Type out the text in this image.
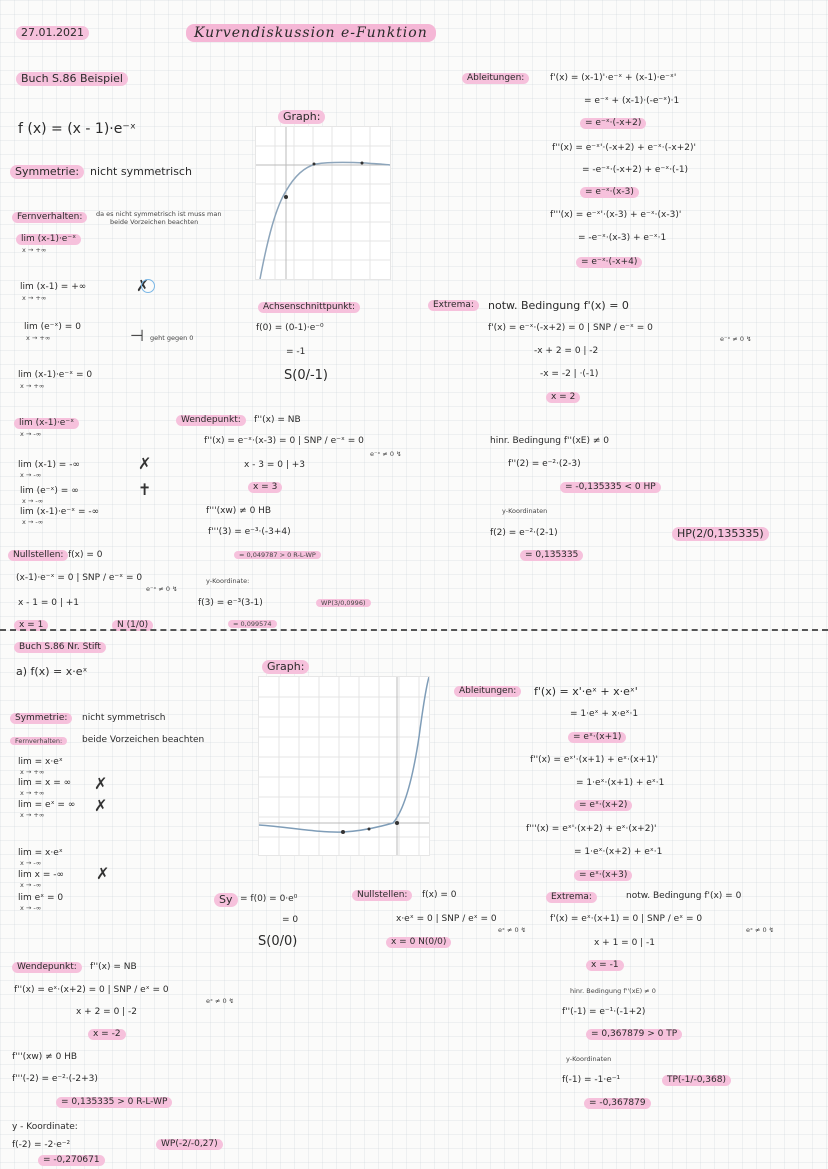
27.01.2021	Kurvendiskussion e-Funktion
Buch S.86 Beispiel
f (x) = (x - 1)·e⁻ˣ
Symmetrie: nicht symmetrisch
Fernverhalten:	da es nicht symmetrisch ist muss man
beide Vorzeichen beachten
lim (x-1)·e⁻ˣ
x → +∞
lim (x-1) = +∞
x → +∞
✗
lim (e⁻ˣ) = 0
x → +∞	⊣ geht gegen 0
lim (x-1)·e⁻ˣ = 0
x → +∞
lim (x-1)·e⁻ˣ
x → -∞
lim (x-1) = -∞
x → -∞
✗
lim (e⁻ˣ) = ∞
x → -∞
✝
lim (x-1)·e⁻ˣ = -∞
x → -∞
Nullstellen: f(x) = 0
(x-1)·e⁻ˣ = 0 | SNP / e⁻ˣ = 0
e⁻ˣ ≠ 0 ↯
x - 1 = 0 | +1
x = 1	N (1/0)
Graph:
Achsenschnittpunkt:
f(0) = (0-1)·e⁻⁰
= -1
S(0/-1)
Wendepunkt:	f''(x) = NB
f''(x) = e⁻ˣ·(x-3) = 0 | SNP / e⁻ˣ = 0
e⁻ˣ ≠ 0 ↯
x - 3 = 0 | +3
x = 3
f'''(xw) ≠ 0 HB
f'''(3) = e⁻³·(-3+4)
= 0,049787 > 0 R-L-WP
y-Koordinate:
f(3) = e⁻³(3-1)
= 0,099574
WP(3/0,0996)
Ableitungen:	f'(x) = (x-1)'·e⁻ˣ + (x-1)·e⁻ˣ'
= e⁻ˣ + (x-1)·(-e⁻ˣ)·1
= e⁻ˣ·(-x+2)
f''(x) = e⁻ˣ'·(-x+2) + e⁻ˣ·(-x+2)'
= -e⁻ˣ·(-x+2) + e⁻ˣ·(-1)
= e⁻ˣ·(x-3)
f'''(x) = e⁻ˣ'·(x-3) + e⁻ˣ·(x-3)'
= -e⁻ˣ·(x-3) + e⁻ˣ·1
= e⁻ˣ·(-x+4)
Extrema:	notw. Bedingung f'(x) = 0
f'(x) = e⁻ˣ·(-x+2) = 0 | SNP / e⁻ˣ = 0
e⁻ˣ ≠ 0 ↯
-x + 2 = 0 | -2
-x = -2 | ·(-1)
x = 2
hinr. Bedingung f''(xE) ≠ 0
f''(2) = e⁻²·(2-3)
= -0,135335 < 0 HP
y-Koordinaten
f(2) = e⁻²·(2-1)
= 0,135335
HP(2/0,135335)
Buch S.86 Nr. Stift
a) f(x) = x·eˣ
Symmetrie:	nicht symmetrisch
Fernverhalten:	beide Vorzeichen beachten
lim = x·eˣ
x → +∞
lim = x = ∞
x → +∞	✗
lim = eˣ = ∞
x → +∞	✗
lim = x·eˣ
x → -∞
lim x = -∞
x → -∞
✗
lim eˣ = 0
x → -∞
Graph:
Sy = f(0) = 0·e⁰
= 0
S(0/0)
Nullstellen:	f(x) = 0
x·eˣ = 0 | SNP / eˣ = 0
eˣ ≠ 0 ↯
x = 0 N(0/0)
Ableitungen:	f'(x) = x'·eˣ + x·eˣ'
= 1·eˣ + x·eˣ·1
= eˣ·(x+1)
f''(x) = eˣ'·(x+1) + eˣ·(x+1)'
= 1·eˣ·(x+1) + eˣ·1
= eˣ·(x+2)
f'''(x) = eˣ'·(x+2) + eˣ·(x+2)'
= 1·eˣ·(x+2) + eˣ·1
= eˣ·(x+3)
Extrema:	notw. Bedingung f'(x) = 0
f'(x) = eˣ·(x+1) = 0 | SNP / eˣ = 0
eˣ ≠ 0 ↯
x + 1 = 0 | -1
x = -1
hinr. Bedingung f''(xE) ≠ 0
f''(-1) = e⁻¹·(-1+2)
= 0,367879 > 0 TP
y-Koordinaten
f(-1) = -1·e⁻¹	TP(-1/-0,368)
= -0,367879
Wendepunkt:	f''(x) = NB
f''(x) = eˣ·(x+2) = 0 | SNP / eˣ = 0
eˣ ≠ 0 ↯
x + 2 = 0 | -2
x = -2
f'''(xw) ≠ 0 HB
f'''(-2) = e⁻²·(-2+3)
= 0,135335 > 0 R-L-WP
y - Koordinate:
f(-2) = -2·e⁻²
= -0,270671
WP(-2/-0,27)
